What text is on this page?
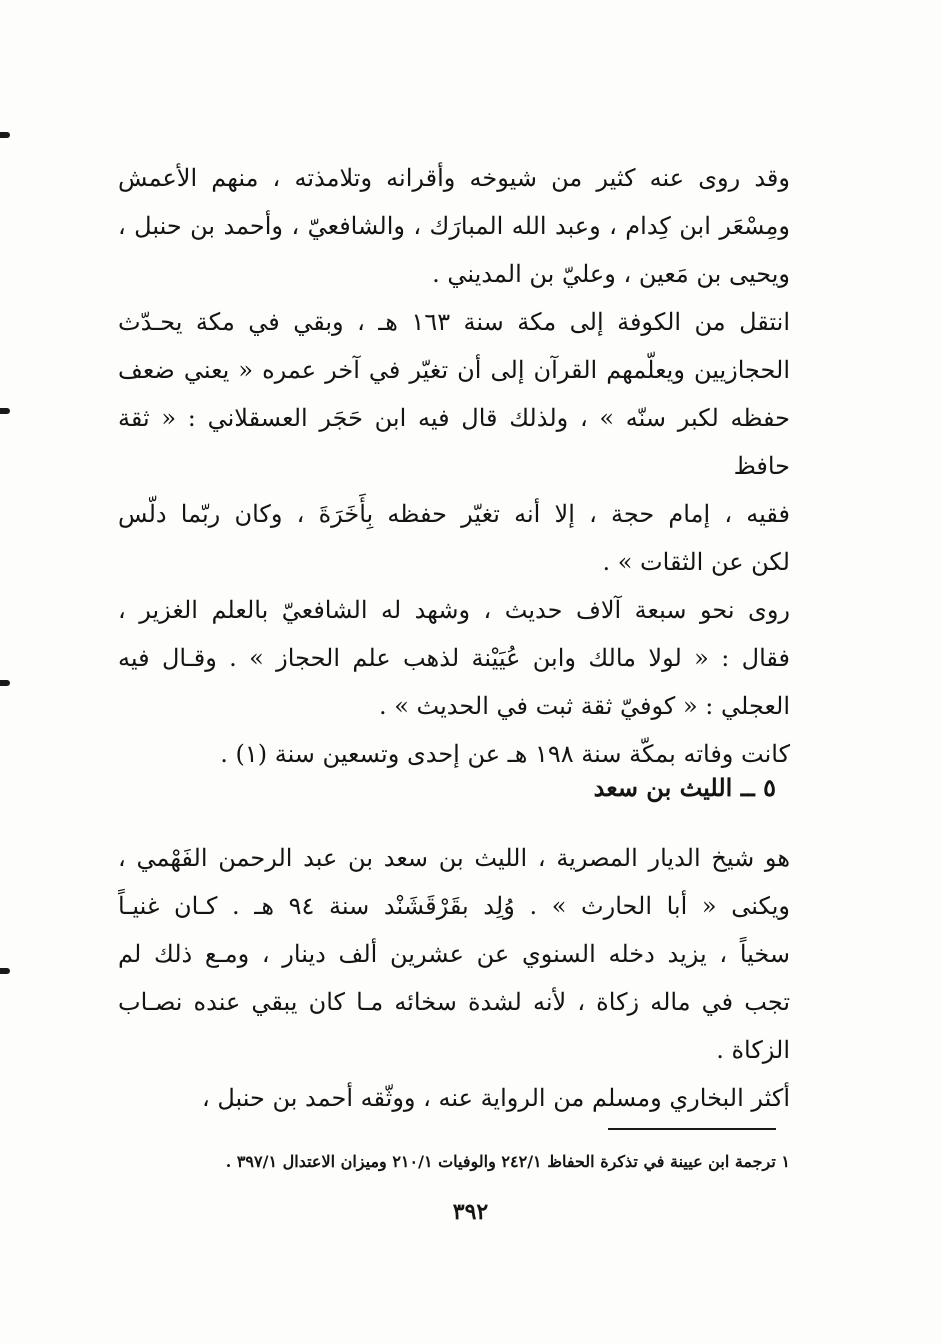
وقد روى عنه كثير من شيوخه وأقرانه وتلامذته ، منهم الأعمش
ومِسْعَر ابن كِدام ، وعبد الله المبارَك ، والشافعيّ ، وأحمد بن حنبل ،
ويحيى بن مَعين ، وعليّ بن المديني .

انتقل من الكوفة إلى مكة سنة ١٦٣ هـ ، وبقي في مكة يحـدّث
الحجازيين ويعلّمهم القرآن إلى أن تغيّر في آخر عمره « يعني ضعف
حفظه لكبر سنّه » ، ولذلك قال فيه ابن حَجَر العسقلاني : « ثقة حافظ
فقيه ، إمام حجة ، إلا أنه تغيّر حفظه بِأَخَرَةَ ، وكان ربّما دلّس
لكن عن الثقات » .

روى نحو سبعة آلاف حديث ، وشهد له الشافعيّ بالعلم الغزير ،
فقال : « لولا مالك وابن عُيَيْنة لذهب علم الحجاز » . وقـال فيه
العجلي : « كوفيّ ثقة ثبت في الحديث » .

كانت وفاته بمكّة سنة ١٩٨ هـ عن إحدى وتسعين سنة (١) .

٥ ــ الليث بن سعد

هو شيخ الديار المصرية ، الليث بن سعد بن عبد الرحمن الفَهْمي ،
ويكنى « أبا الحارث » . وُلِد بقَرْقَشَنْد سنة ٩٤ هـ . كـان غنيـاً
سخياً ، يزيد دخله السنوي عن عشرين ألف دينار ، ومـع ذلك لم
تجب في ماله زكاة ، لأنه لشدة سخائه مـا كان يبقي عنده نصـاب
الزكاة .

أكثر البخاري ومسلم من الرواية عنه ، ووثّقه أحمد بن حنبل ،

١ ترجمة ابن عيينة في تذكرة الحفاظ ٢٤٢/١ والوفيات ٢١٠/١ وميزان الاعتدال ٣٩٧/١ .
٣٩٢
